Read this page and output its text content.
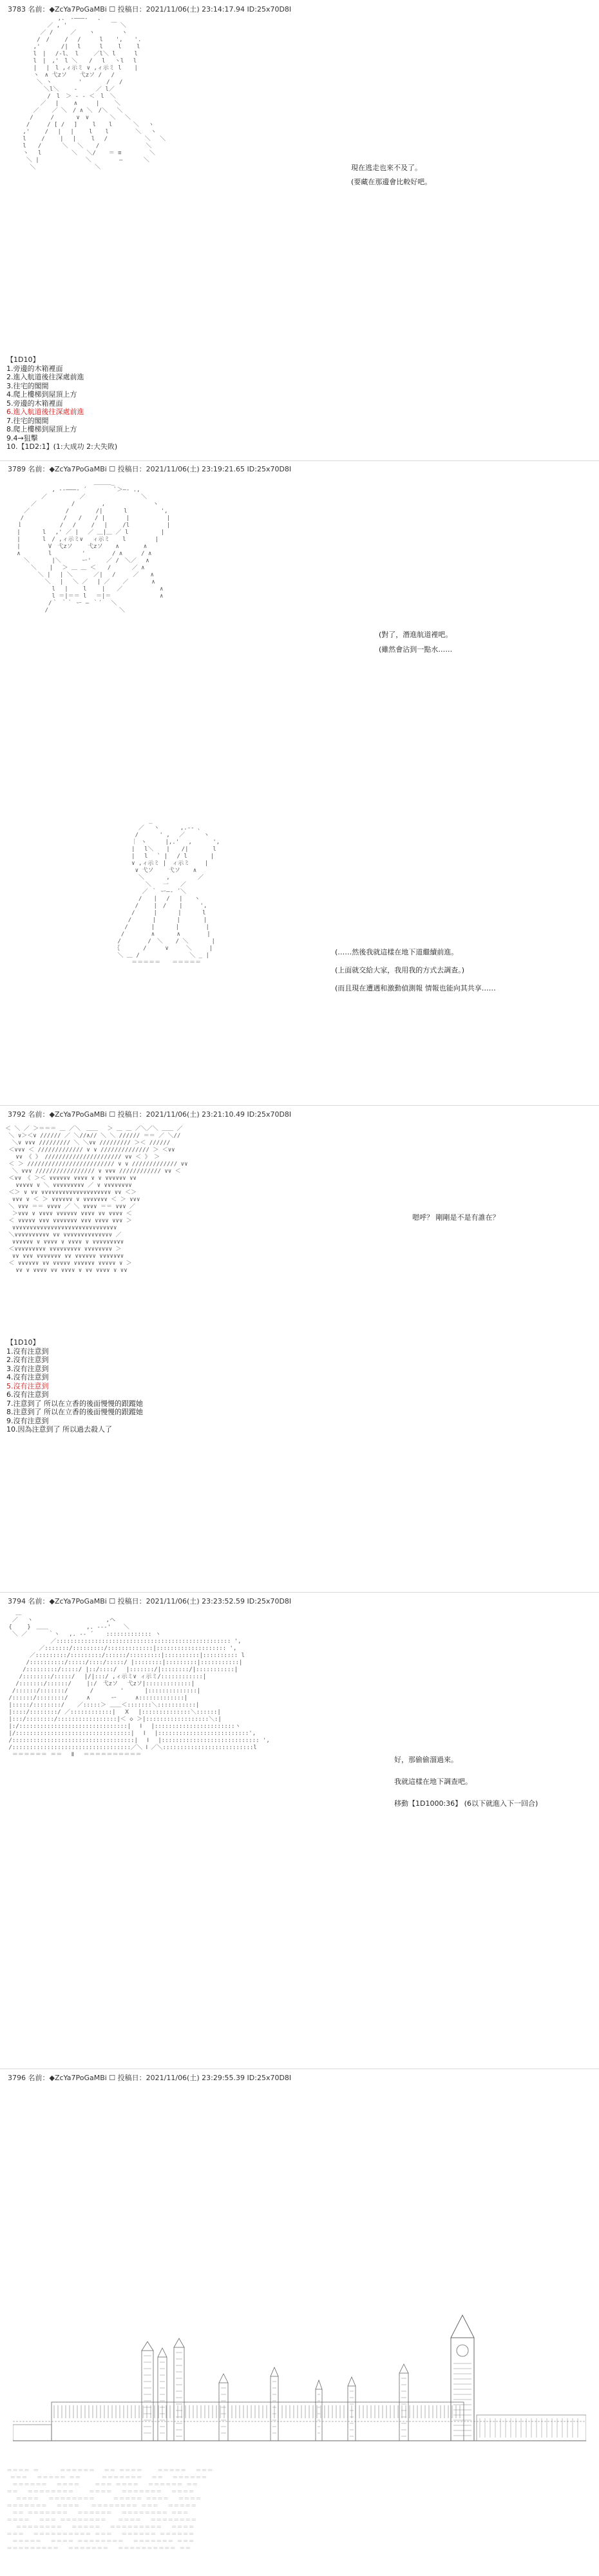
3783 名前：◆ZcYa7PoGaMBi ☐ 投稿日：2021/11/06(土) 23:14:17.94 ID:25x70D8I
,.　-―――- 　.
／ , '　　　　　　　 ￣ ＼
／ /　　　／ 　 ヽ　　 　　ヽ
/　/　　 /　 / 　　 l 　 ',　　'.
,'　 　　/|　 l　 　 l　　 l　　 l
l　|　 /‐l、 l　　 ／l＼ l 　 　l
l　|　,'　l ＼　　/ 　l　 ヽl　 l
|　 |　l ,ィ示ミ ∨ ,ィ示ミ l 　 |
ヽ　∧ 弋zソ 　 弋zソ /　 /
＼ ヽ　　　　 '　　 　 /　 /
＼l＼　　 ‐ 　　 ／ l／
/　l　＞ ‐ ‐ ＜　l　＼
／　 |　　 ∧ 　　 |　　 ＼
／ 　 ／ ＼　/ ∧ ＼　/＼　 ＼
/　　　/ 　 　 ∨　∨　　　 ＼ 　＼
/　　　/ [ /　 ]　　 l 　 l　　　 ＼ 　ヽ
,'　　 /　 |　 |　　 l 　 l　　　　 ＼　 ヽ
l　 　/　 　|　 |　 　l　 /　 　 　 　 ＼　 ＼
l　　/　　　 ＼　 ＼ 　 /　　　　　　　　＼
ヽ　 l　　　 　 ＼　 ＼/ 　 ＝ ≡　 　 　 ＼
＼ |　 　 　 　 　 ＼ 　　 　 ―　　　 ＼
＼　　　　　　 　　　 ＼　　　　　　	現在逃走也來不及了。
(要藏在那邊會比較好吧。
【1D10】
1.旁邊的木箱裡面
2.進入航道後往深處前進
3.往宅的閣間
4.爬上樓梯到屋頂上方
5.旁邊的木箱裡面
6.進入航道後往深處前進
7.往宅的閣間
8.爬上樓梯到屋頂上方
9.4→狙擊
10.【1D2:1】(1:大成功 2:大失敗)
3789 名前：◆ZcYa7PoGaMBi ☐ 投稿日：2021/11/06(土) 23:19:21.65 ID:25x70D8I
＿＿＿_
, -‐―――‐ ´　　　　 `＞―- .,
／　　　　　 ／　　　　　　　　　 ＼
／　　　　　　/　　　　 ,　　 　 　　　　ヽ
／　　　　 　 /　　　　 /| 　　　l　 　 　　 ',
/　 　 　 　　/　　/ 　 / |　　 　|　 　 　 　 |
ｌ　 　 　 　 /　 /　 　/　 |　　 /l　 　 　 　 |
| 　 　 l　 ,' ／ |　 ／ ＿|＿ ／ l　　　　　 |
| 　 　 l　/ ,ィ示ミ∨　 ィ示ミ 　 l　　　　　|
|　 　 　 V　弋zソ　　 弋zソ 　 ∧ 　　　 ∧
∧ 　 　 　l　　　 　 '　　　　 / ∧　 　 / ∧
＼ 　 　 |＼　　　 ー'　　 ／ /　＼／　 ∧
＼ 　 |　 ＞ ＿ ＿ ＜　　/　　　 ／ ∧
＼ |　 | ＼　　　 ／|　 /　　　／　　∧
＼　 |　 ＼ ／　 | ／ 　 ／　　　　∧
l　 |　　 l　　 |　　／ 　 　 　　 ∧
l ＝|＝＝ l　 ＝|＝ 　 　 　 　　　∧
/｀ ｀｀ ー ― ｀´　 ＼
/　 　　 　 　 　 　 　 ＼
(對了，潛進航道裡吧。
(雖然會沾到一點水……
_
／　 ヽ 　　　,.-‐ ､
/　　　 ' ,　 ／　 　 ヽ
｜ ヽ　 　 |,.'　 ,　　　 ',
|　 l＼ 　 |　　/|　 　 　l
|　 l　 ` |　 / l　　　　|
∨ ,ィ示ミ |　ィ示ミ　　 |
∨ 弋ソ　　 弋ソ 　 ∧
＼ 　 　 ,　 　 　 ／
＼　　一　　／
／ ｀ ー―‐ ´＼
/　　|　 /　 |　　ヽ
/　　 |　/ 　 |　　　',
/　 　 |　　　 |　　　 l
/　　　 |　　　 |　　　　|
/　　　　|　　　 |　　　　 |
/　　　　 ∧ 　 　 ∧　　　　 |
/　　　　 /　＼ 　 / ＼　　　　|
｛　　　　/ 　　 ∨　　　＼　　　|
＼ ＿ /　　　　　　　　 ＼ _ |
＝＝＝＝＝　　＝＝＝＝＝
(……然後我就這樣在地下道繼續前進。
(上面就交給大家，我用我的方式去調查。)
(而且現在遭遇和激動偵測報 情報也能向其共享……
3792 名前：◆ZcYa7PoGaMBi ☐ 投稿日：2021/11/06(土) 23:21:10.49 ID:25x70D8I
＜ ＼ ／ ＞＝＝＝ ＿ ／＼　＿＿　 ＞ ＿ ＿ ／＼／＼ ＿＿ ／
＼ ∨＞＜∨ ////// ／ ＼//∧// ＼ ＼ ////// ＝＝ ／ ＼//
＼∨ ∨∨∨ ///////// ＼ ＼∨∨ ///////// ＞＜ //////
＜∨∨∨ ＜ ///////////// ∨ ∨ ////////////// ＞ ＜∨∨
∨∨ 《 》 ////////////////////// ∨∨ ＜ 》 ＞
＜ ＞ ///////////////////////// ∨ ∨ ///////////// ∨∨
＼ ∨∨∨ ///////////////// ∨ ∨∨∨ //////////// ∨∨ ＜
＜∨∨ 《 ＞＜ ∨∨∨∨∨∨ ∨∨∨∨ ∨ ∨ ∨∨∨∨∨∨ ∨∨
∨∨∨∨∨ ∨ ＼ ∨∨∨∨∨∨∨∨∨ ／ ∨ ∨∨∨∨∨∨∨∨
＜＞ ∨ ∨∨ ∨∨∨∨∨∨∨∨∨∨∨∨∨∨∨∨∨∨∨∨ ∨∨ ＜＞
∨∨∨ ∨ ＜ ＞ ∨∨∨∨∨∨ ∨ ∨∨∨∨∨∨∨ ＜ ＞ ∨∨∨
＼ ∨∨∨ ＝＝ ∨∨∨∨ ／ ＼ ∨∨∨∨ ＝＝ ∨∨∨ ／
＞∨∨∨ ∨ ∨∨∨∨ ∨∨∨∨∨∨ ∨∨∨∨ ∨∨ ∨∨∨∨ ＜
＜ ∨∨∨∨∨ ∨∨∨ ∨∨∨∨∨∨∨ ∨∨∨ ∨∨∨∨ ∨∨∨ ＞
∨∨∨∨∨∨∨∨∨∨∨∨∨∨∨∨∨∨∨∨∨∨∨∨∨∨∨∨∨∨
＼∨∨∨∨∨∨∨∨∨∨ ∨∨ ∨∨∨∨∨∨∨∨∨∨∨∨∨∨ ／
∨∨∨∨∨∨ ∨ ∨∨∨∨ ∨ ∨∨∨∨ ∨ ∨∨∨∨∨∨∨∨∨
＜∨∨∨∨∨∨∨∨∨ ∨∨∨∨∨∨∨∨∨ ∨∨∨∨∨∨∨∨ ＞
∨∨ ∨∨∨ ∨∨∨∨∨∨∨ ∨∨ ∨∨∨∨∨∨ ∨∨∨∨∨∨∨
＜ ∨∨∨∨∨∨ ∨∨ ∨∨∨∨∨ ∨∨∨∨∨∨ ∨∨∨∨∨ ∨ ＞
∨∨ ∨ ∨∨∨∨ ∨∨ ∨∨∨∨ ∨ ∨∨ ∨∨∨∨ ∨ ∨∨
嗯呼？ 剛剛是不是有誰在？
【1D10】
1.沒有注意到
2.沒有注意到
3.沒有注意到
4.沒有注意到
5.沒有注意到
6.沒有注意到
7.注意到了 所以在立香的後面慢慢的跟蹤她
8.注意到了 所以在立香的後面慢慢的跟蹤她
9.沒有注意到
10.因為注意到了 所以過去殺人了
3794 名前：◆ZcYa7PoGaMBi ☐ 投稿日：2021/11/06(土) 23:23:52.59 ID:25x70D8I
＿
／　 ヽ　　　　　　　　　　　　 ,ヘ
{　　 }　＿＿　　　　　　 ,. -‐‐' 　 ＼
＼ ／　　　 ｀ヽ　 ,. -‐ ´ 　 ::::::::::::: ヽ
　 　 　 ／:::::::::::::::::::::::::::::::::::::::::::::::::: ',
　 ／:::::::/:::::::::/:::::::::::::|:::::::::::::::::::: ',
／:::::::::/:::::::::/::::::/:::::::::|::::::::::|:::::::::: l
/::::::::::/:::::/::::/:::::/ |::::::::|:::::::::|:::::::::::|
/:::::::::/:::::/ |::/::::/ 　|:::::::/|::::::::/|:::::::::::|
/::::::::/:::::/　 |/|:::/ ,ィ示ミ∨ ィ示ミ/::::::::::::|
/:::::::/::::::/　　 |:/　弋zソ　 弋zソ|:::::::::::::|
/::::::/:::::::/ 　 　 /　　　　 '　　　 |::::::::::::::|
/::::::/::::::::/　 　 ∧　　　 ー 　　 ∧:::::::::::::|
|:::::/::::::::/ 　 ／:::::＞ ＿＿＜:::::::＼:::::::::::|
|::::/::::::::/ ／::::::::::::|　 Ⅹ　 |::::::::::::::＼::::::|
|:::/::::::::/:::::::::::::::::|＜ ◇ ＞|::::::::::::::::::＼:|
|:/:::::::::::::::::::::::::::::::|　 Ⅰ　 |:::::::::::::::::::::::ヽ
|/:::::::::::::::::::::::::::::::::|　 Ⅰ　 |::::::::::::::::::::::::::',
/:::::::::::::::::::::::::::::::::::|　 Ⅰ　 |:::::::::::::::::::::::::::: ',
/::::::::::::::::::::::::::::::::::／＼ Ⅰ ／＼::::::::::::::::::::::::::l
＝＝＝＝＝＝ ＝＝　 Ⅱ 　＝＝＝＝＝＝＝＝＝＝
好，那偷偷溜過來。
我就這樣在地下調查吧。
移動【1D1000:36】 (6以下就進入下一回合)
3796 名前：◆ZcYa7PoGaMBi ☐ 投稿日：2021/11/06(土) 23:29:55.39 ID:25x70D8I
＝＝＝＝ ＝　　　 ＝＝＝＝＝＝　 ＝＝ ＝＝＝＝　　 ＝＝＝＝＝　 ＝＝＝
＝＝＝ 　＝＝＝＝＝ ＝＝　　　 ＝＝＝＝＝＝＝　 ＝＝　 ＝＝＝＝＝＝
　＝＝＝＝＝＝　 ＝＝＝＝ 　　＝＝＝ ＝＝＝＝　 ＝＝＝＝＝＝ ＝＝
＝＝　 ＝＝＝＝＝＝＝＝　　 ＝＝＝＝ 　＝＝＝＝＝＝＝　 ＝＝＝＝
　 ＝＝＝＝ 　＝＝＝＝＝＝＝＝ 　　 ＝＝＝＝＝ ＝＝＝＝　 ＝＝＝＝
＝＝＝＝＝＝＝ 　＝＝＝＝　　＝＝＝＝＝＝＝＝ ＝＝＝　 ＝＝＝＝＝
　＝＝ ＝＝＝＝＝＝＝ 　＝＝＝＝＝＝　 ＝＝＝＝＝＝＝＝ ＝＝＝
＝＝＝＝　 ＝＝＝ ＝＝＝＝＝＝＝＝　　＝＝＝＝ 　＝＝＝＝＝＝＝＝
　 ＝＝＝＝＝＝＝＝ 　＝＝＝＝＝　 ＝＝＝＝＝＝＝＝＝　 ＝＝＝＝
＝＝＝ 　＝＝＝＝＝＝＝＝＝＝ ＝＝＝　 ＝＝＝＝＝＝ ＝＝＝＝＝＝
　＝＝＝＝＝　 ＝＝＝＝ ＝＝＝＝＝＝＝＝ 　＝＝＝＝＝＝＝ ＝＝＝
＝＝＝＝＝＝＝＝＝ 　＝＝＝＝＝＝＝　 ＝＝＝＝＝＝＝＝＝＝ ＝＝
